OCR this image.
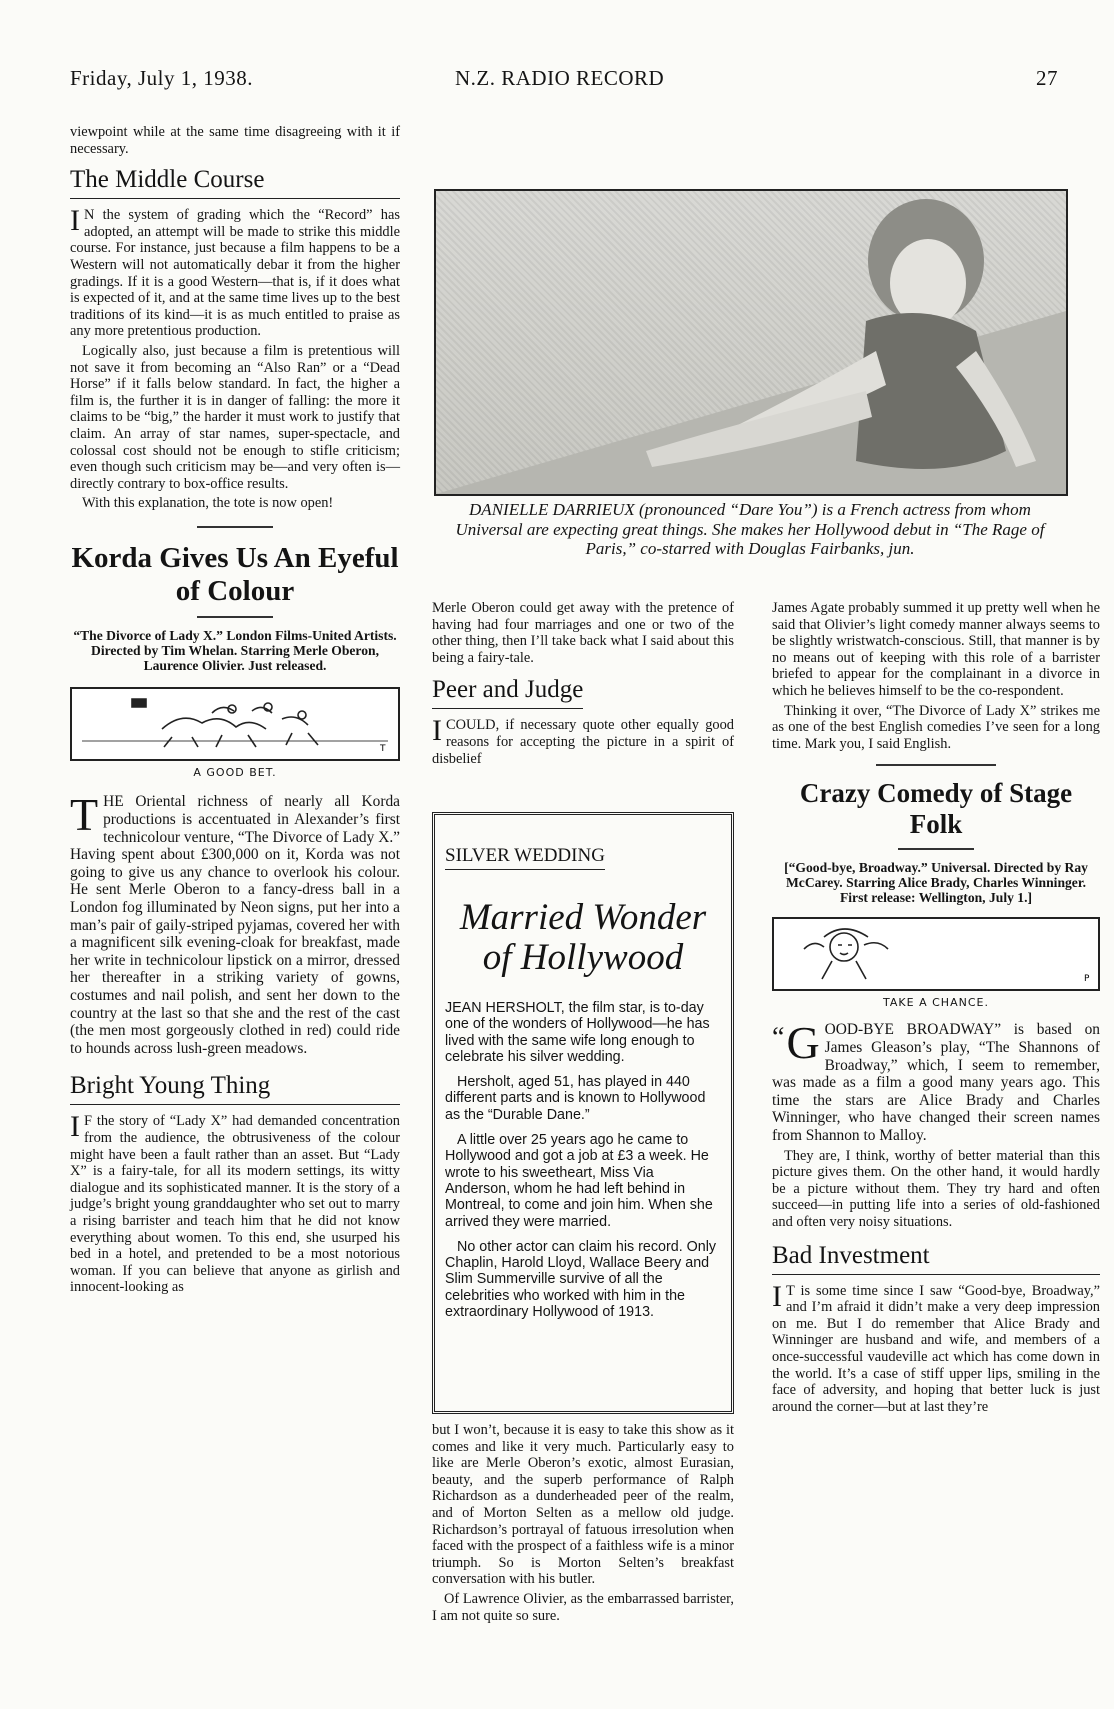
Friday, July 1, 1938.	N.Z. RADIO RECORD	27

viewpoint while at the same time disagreeing with it if necessary.

The Middle Course

I N the system of grading which the “Record” has adopted, an attempt will be made to strike this middle course. For instance, just because a film happens to be a Western will not automatically debar it from the higher gradings. If it is a good Western—that is, if it does what is expected of it, and at the same time lives up to the best traditions of its kind—it is as much entitled to praise as any more pretentious production.

Logically also, just because a film is pretentious will not save it from becoming an “Also Ran” or a “Dead Horse” if it falls below standard. In fact, the higher a film is, the further it is in danger of falling: the more it claims to be “big,” the harder it must work to justify that claim. An array of star names, super-spectacle, and colossal cost should not be enough to stifle criticism; even though such criticism may be—and very often is—directly contrary to box-office results.

With this explanation, the tote is now open!

Korda Gives Us An Eyeful of Colour
“The Divorce of Lady X.” London Films-United Artists. Directed by Tim Whelan. Starring Merle Oberon, Laurence Olivier. Just released.
T
A GOOD BET.

THE Oriental richness of nearly all Korda productions is accentuated in Alexander’s first technicolour venture, “The Divorce of Lady X.” Having spent about £300,000 on it, Korda was not going to give us any chance to overlook his colour. He sent Merle Oberon to a fancy-dress ball in a London fog illuminated by Neon signs, put her into a man’s pair of gaily-striped pyjamas, covered her with a magnificent silk evening-cloak for breakfast, made her write in technicolour lipstick on a mirror, dressed her thereafter in a striking variety of gowns, costumes and nail polish, and sent her down to the country at the last so that she and the rest of the cast (the men most gorgeously clothed in red) could ride to hounds across lush-green meadows.

Bright Young Thing

I F the story of “Lady X” had demanded concentration from the audience, the obtrusiveness of the colour might have been a fault rather than an asset. But “Lady X” is a fairy-tale, for all its modern settings, its witty dialogue and its sophisticated manner. It is the story of a judge’s bright young granddaughter who set out to marry a rising barrister and teach him that he did not know everything about women. To this end, she usurped his bed in a hotel, and pretended to be a most notorious woman. If you can believe that anyone as girlish and innocent-looking as

DANIELLE DARRIEUX (pronounced “Dare You”) is a French actress from whom Universal are expecting great things. She makes her Hollywood debut in “The Rage of Paris,” co-starred with Douglas Fairbanks, jun.

Merle Oberon could get away with the pretence of having had four marriages and one or two of the other thing, then I’ll take back what I said about this being a fairy-tale.

Peer and Judge

ICOULD, if necessary quote other equally good reasons for accepting the picture in a spirit of disbelief

SILVER WEDDING
Married Wonder of Hollywood

JEAN HERSHOLT, the film star, is to-day one of the wonders of Hollywood—he has lived with the same wife long enough to celebrate his silver wedding.

Hersholt, aged 51, has played in 440 different parts and is known to Hollywood as the “Durable Dane.”

A little over 25 years ago he came to Hollywood and got a job at £3 a week. He wrote to his sweetheart, Miss Via Anderson, whom he had left behind in Montreal, to come and join him. When she arrived they were married.

No other actor can claim his record. Only Chaplin, Harold Lloyd, Wallace Beery and Slim Summerville survive of all the celebrities who worked with him in the extraordinary Hollywood of 1913.

but I won’t, because it is easy to take this show as it comes and like it very much. Particularly easy to like are Merle Oberon’s exotic, almost Eurasian, beauty, and the superb performance of Ralph Richardson as a dunderheaded peer of the realm, and of Morton Selten as a mellow old judge. Richardson’s portrayal of fatuous irresolution when faced with the prospect of a faithless wife is a minor triumph. So is Morton Selten’s breakfast conversation with his butler.

Of Lawrence Olivier, as the embarrassed barrister, I am not quite so sure.

James Agate probably summed it up pretty well when he said that Olivier’s light comedy manner always seems to be slightly wristwatch-conscious. Still, that manner is by no means out of keeping with this role of a barrister briefed to appear for the complainant in a divorce in which he believes himself to be the co-respondent.

Thinking it over, “The Divorce of Lady X” strikes me as one of the best English comedies I’ve seen for a long time. Mark you, I said English.

Crazy Comedy of Stage Folk
[“Good-bye, Broadway.” Universal. Directed by Ray McCarey. Starring Alice Brady, Charles Winninger. First release: Wellington, July 1.]
P
TAKE A CHANCE.

“ G OOD-BYE BROADWAY” is based on James Gleason’s play, “The Shannons of Broadway,” which, I seem to remember, was made as a film a good many years ago. This time the stars are Alice Brady and Charles Winninger, who have changed their screen names from Shannon to Malloy.

They are, I think, worthy of better material than this picture gives them. On the other hand, it would hardly be a picture without them. They try hard and often succeed—in putting life into a series of old-fashioned and often very noisy situations.

Bad Investment

I T is some time since I saw “Good-bye, Broadway,” and I’m afraid it didn’t make a very deep impression on me. But I do remember that Alice Brady and Winninger are husband and wife, and members of a once-successful vaudeville act which has come down in the world. It’s a case of stiff upper lips, smiling in the face of adversity, and hoping that better luck is just around the corner—but at last they’re
